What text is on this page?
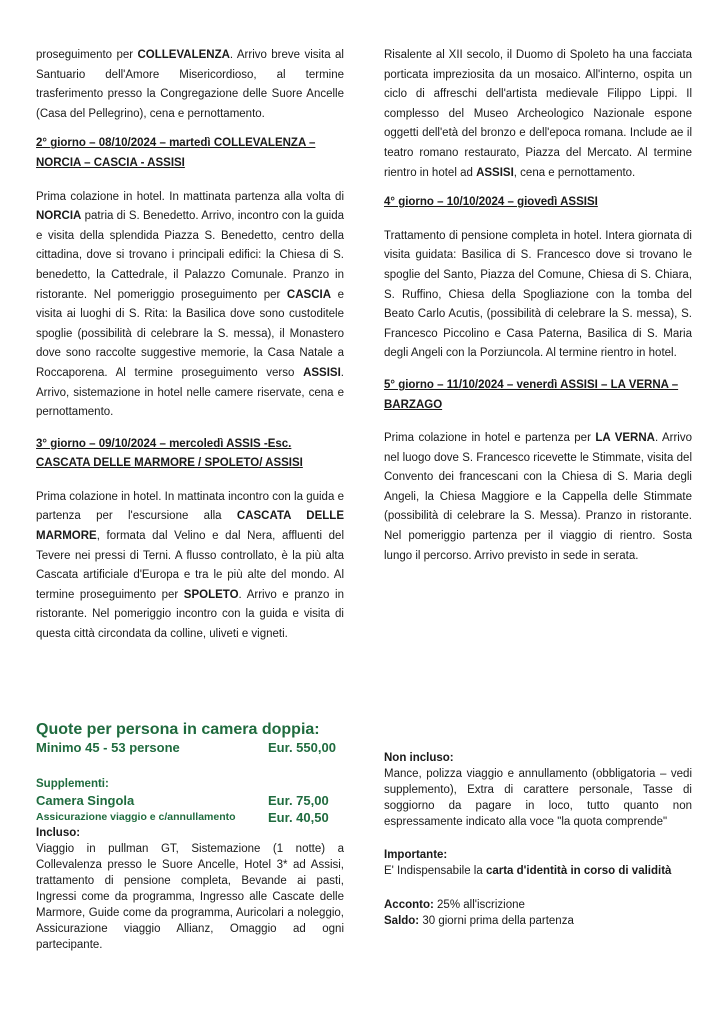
proseguimento per COLLEVALENZA. Arrivo breve visita al Santuario dell'Amore Misericordioso, al termine trasferimento presso la Congregazione delle Suore Ancelle (Casa del Pellegrino), cena e pernottamento.

2° giorno – 08/10/2024 – martedì COLLEVALENZA – NORCIA – CASCIA - ASSISI

Prima colazione in hotel. In mattinata partenza alla volta di NORCIA patria di S. Benedetto. Arrivo, incontro con la guida e visita della splendida Piazza S. Benedetto, centro della cittadina, dove si trovano i principali edifici: la Chiesa di S. benedetto, la Cattedrale, il Palazzo Comunale. Pranzo in ristorante. Nel pomeriggio proseguimento per CASCIA e visita ai luoghi di S. Rita: la Basilica dove sono custoditele spoglie (possibilità di celebrare la S. messa), il Monastero dove sono raccolte suggestive memorie, la Casa Natale a Roccaporena. Al termine proseguimento verso ASSISI. Arrivo, sistemazione in hotel nelle camere riservate, cena e pernottamento.

3° giorno – 09/10/2024 – mercoledì ASSIS -Esc. CASCATA DELLE MARMORE / SPOLETO/ ASSISI

Prima colazione in hotel. In mattinata incontro con la guida e partenza per l'escursione alla CASCATA DELLE MARMORE, formata dal Velino e dal Nera, affluenti del Tevere nei pressi di Terni. A flusso controllato, è la più alta Cascata artificiale d'Europa e tra le più alte del mondo. Al termine proseguimento per SPOLETO. Arrivo e pranzo in ristorante. Nel pomeriggio incontro con la guida e visita di questa città circondata da colline, uliveti e vigneti.

Risalente al XII secolo, il Duomo di Spoleto ha una facciata porticata impreziosita da un mosaico. All'interno, ospita un ciclo di affreschi dell'artista medievale Filippo Lippi. Il complesso del Museo Archeologico Nazionale espone oggetti dell'età del bronzo e dell'epoca romana. Include ae il teatro romano restaurato, Piazza del Mercato. Al termine rientro in hotel ad ASSISI, cena e pernottamento.

4° giorno – 10/10/2024 – giovedì ASSISI

Trattamento di pensione completa in hotel. Intera giornata di visita guidata: Basilica di S. Francesco dove si trovano le spoglie del Santo, Piazza del Comune, Chiesa di S. Chiara, S. Ruffino, Chiesa della Spogliazione con la tomba del Beato Carlo Acutis, (possibilità di celebrare la S. messa), S. Francesco Piccolino e Casa Paterna, Basilica di S. Maria degli Angeli con la Porziuncola. Al termine rientro in hotel.

5° giorno – 11/10/2024 – venerdì ASSISI – LA VERNA – BARZAGO

Prima colazione in hotel e partenza per LA VERNA. Arrivo nel luogo dove S. Francesco ricevette le Stimmate, visita del Convento dei francescani con la Chiesa di S. Maria degli Angeli, la Chiesa Maggiore e la Cappella delle Stimmate (possibilità di celebrare la S. Messa). Pranzo in ristorante. Nel pomeriggio partenza per il viaggio di rientro. Sosta lungo il percorso. Arrivo previsto in sede in serata.

Quote per persona in camera doppia:

Minimo 45 - 53 persone	Eur. 550,00

Supplementi:

Camera Singola	Eur. 75,00
Assicurazione viaggio e c/annullamento	Eur. 40,50

Incluso:

Viaggio in pullman GT, Sistemazione (1 notte) a Collevalenza presso le Suore Ancelle, Hotel 3* ad Assisi, trattamento di pensione completa, Bevande ai pasti, Ingressi come da programma, Ingresso alle Cascate delle Marmore, Guide come da programma, Auricolari a noleggio, Assicurazione viaggio Allianz, Omaggio ad ogni partecipante.

Non incluso:

Mance, polizza viaggio e annullamento (obbligatoria – vedi supplemento), Extra di carattere personale, Tasse di soggiorno da pagare in loco, tutto quanto non espressamente indicato alla voce "la quota comprende"

Importante:

E' Indispensabile la carta d'identità in corso di validità

Acconto: 25% all'iscrizione

Saldo: 30 giorni prima della partenza
